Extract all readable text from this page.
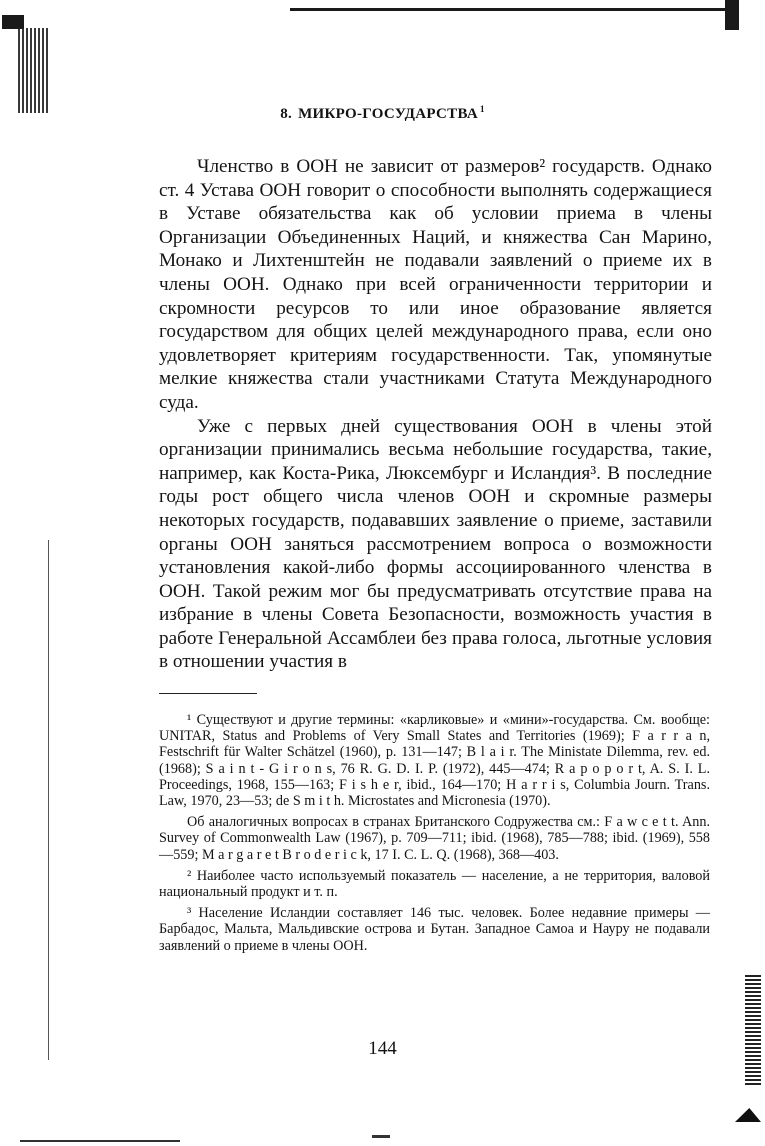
8. МИКРО-ГОСУДАРСТВА $^1$

Членство в ООН не зависит от размеров² государств. Однако ст. 4 Устава ООН говорит о способности выполнять содержащиеся в Уставе обязательства как об условии приема в члены Организации Объединенных Наций, и княжества Сан Марино, Монако и Лихтенштейн не подавали заявлений о приеме их в члены ООН. Однако при всей ограниченности территории и скромности ресурсов то или иное образование является государством для общих целей международного права, если оно удовлетворяет критериям государственности. Так, упомянутые мелкие княжества стали участниками Статута Международного суда.

Уже с первых дней существования ООН в члены этой организации принимались весьма небольшие государства, такие, например, как Коста-Рика, Люксембург и Исландия³. В последние годы рост общего числа членов ООН и скромные размеры некоторых государств, подававших заявление о приеме, заставили органы ООН заняться рассмотрением вопроса о возможности установления какой-либо формы ассоциированного членства в ООН. Такой режим мог бы предусматривать отсутствие права на избрание в члены Совета Безопасности, возможность участия в работе Генеральной Ассамблеи без права голоса, льготные условия в отношении участия в

¹ Существуют и другие термины: «карликовые» и «мини»-государства. См. вообще: UNITAR, Status and Problems of Very Small States and Territories (1969); F a r r a n, Festschrift für Walter Schätzel (1960), p. 131—147; B l a i r. The Ministate Dilemma, rev. ed. (1968); S a i n t - G i r o n s, 76 R. G. D. I. P. (1972), 445—474; R a p o p o r t, A. S. I. L. Proceedings, 1968, 155—163; F i s h e r, ibid., 164—170; H a r r i s, Columbia Journ. Trans. Law, 1970, 23—53; de S m i t h. Microstates and Micronesia (1970).

Об аналогичных вопросах в странах Британского Содружества см.: F a w c e t t. Ann. Survey of Commonwealth Law (1967), p. 709—711; ibid. (1968), 785—788; ibid. (1969), 558—559; M a r g a r e t B r o d e r i c k, 17 I. C. L. Q. (1968), 368—403.

² Наиболее часто используемый показатель — население, а не территория, валовой национальный продукт и т. п.

³ Население Исландии составляет 146 тыс. человек. Более недавние примеры — Барбадос, Мальта, Мальдивские острова и Бутан. Западное Самоа и Науру не подавали заявлений о приеме в члены ООН.

144
